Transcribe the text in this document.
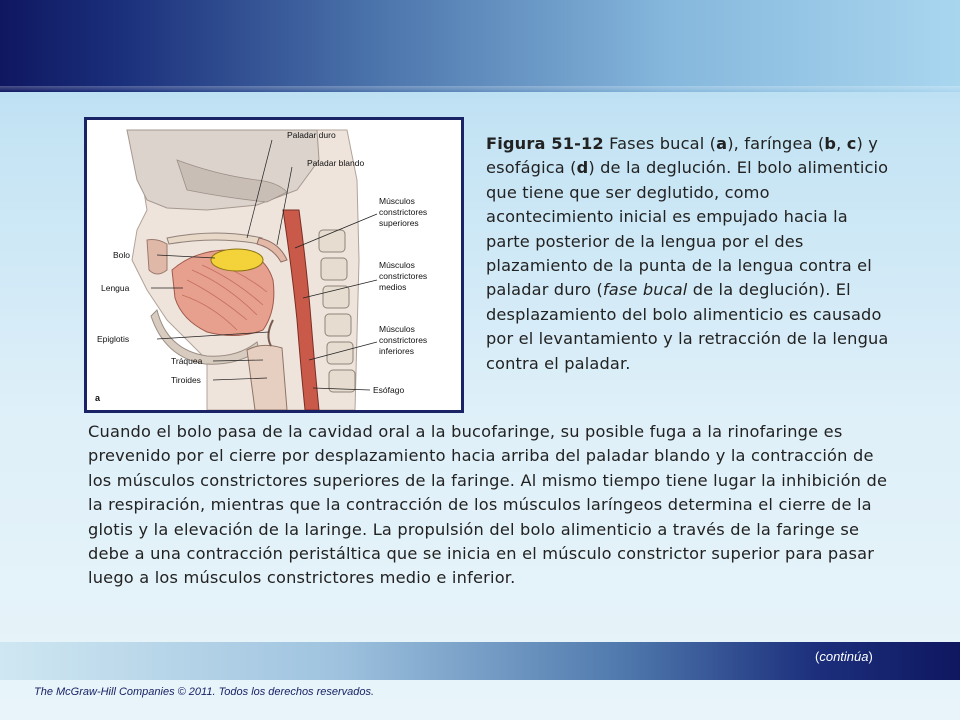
Paladar duro
Paladar blando
Músculos
constrictores
superiores
Bolo
Lengua
Músculos
constrictores
medios
Epiglotis
Músculos
constrictores
inferiores
Tráquea
Tiroides
Esófago
a
Figura 51-12 Fases bucal (a), faríngea (b, c) y esofágica (d) de la deglución. El bolo alimenticio que tiene que ser deglutido, como acontecimiento inicial es empujado hacia la parte posterior de la lengua por el des plazamiento de la punta de la lengua contra el paladar duro (fase bucal de la deglución). El desplazamiento del bolo alimenticio es causado por el levantamiento y la retracción de la lengua contra el paladar.
Cuando el bolo pasa de la cavidad oral a la bucofaringe, su posible fuga a la rinofaringe es prevenido por el cierre por desplazamiento hacia arriba del paladar blando y la contracción de los músculos constrictores superiores de la faringe. Al mismo tiempo tiene lugar la inhibición de la respiración, mientras que la contracción de los músculos laríngeos determina el cierre de la glotis y la elevación de la laringe. La propulsión del bolo alimenticio a través de la faringe se debe a una contracción peristáltica que se inicia en el músculo constrictor superior para pasar luego a los músculos constrictores medio e inferior.
(continúa)
The McGraw-Hill Companies © 2011. Todos los derechos reservados.
